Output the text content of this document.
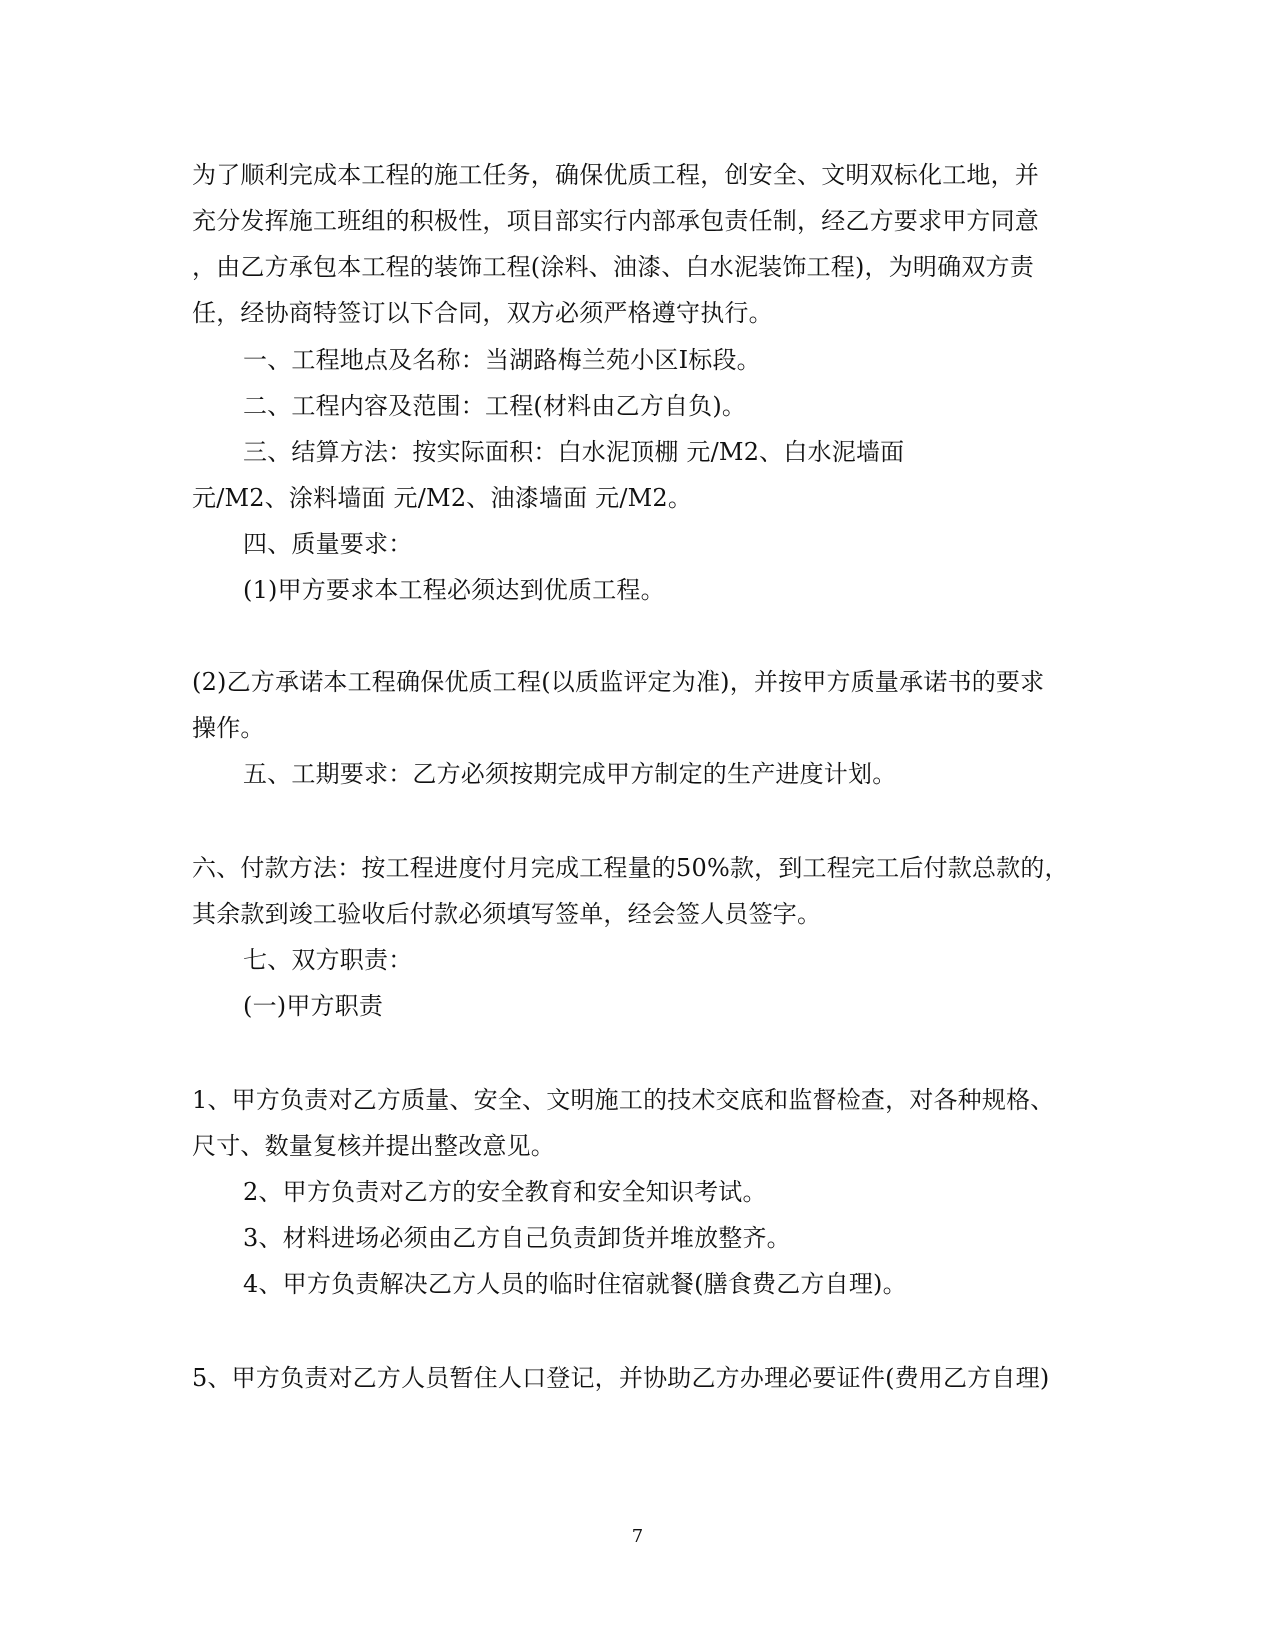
为了顺利完成本工程的施工任务，确保优质工程，创安全、文明双标化工地，并
充分发挥施工班组的积极性，项目部实行内部承包责任制，经乙方要求甲方同意
，由乙方承包本工程的装饰工程(涂料、油漆、白水泥装饰工程)，为明确双方责
任，经协商特签订以下合同，双方必须严格遵守执行。
一、工程地点及名称：当湖路梅兰苑小区I标段。
二、工程内容及范围：工程(材料由乙方自负)。
三、结算方法：按实际面积：白水泥顶棚 元/M2、白水泥墙面
元/M2、涂料墙面 元/M2、油漆墙面 元/M2。
四、质量要求：
(1)甲方要求本工程必须达到优质工程。
(2)乙方承诺本工程确保优质工程(以质监评定为准)，并按甲方质量承诺书的要求
操作。
五、工期要求：乙方必须按期完成甲方制定的生产进度计划。
六、付款方法：按工程进度付月完成工程量的50%款，到工程完工后付款总款的，
其余款到竣工验收后付款必须填写签单，经会签人员签字。
七、双方职责：
(一)甲方职责
1、甲方负责对乙方质量、安全、文明施工的技术交底和监督检查，对各种规格、
尺寸、数量复核并提出整改意见。
2、甲方负责对乙方的安全教育和安全知识考试。
3、材料进场必须由乙方自己负责卸货并堆放整齐。
4、甲方负责解决乙方人员的临时住宿就餐(膳食费乙方自理)。
5、甲方负责对乙方人员暂住人口登记，并协助乙方办理必要证件(费用乙方自理)
7
